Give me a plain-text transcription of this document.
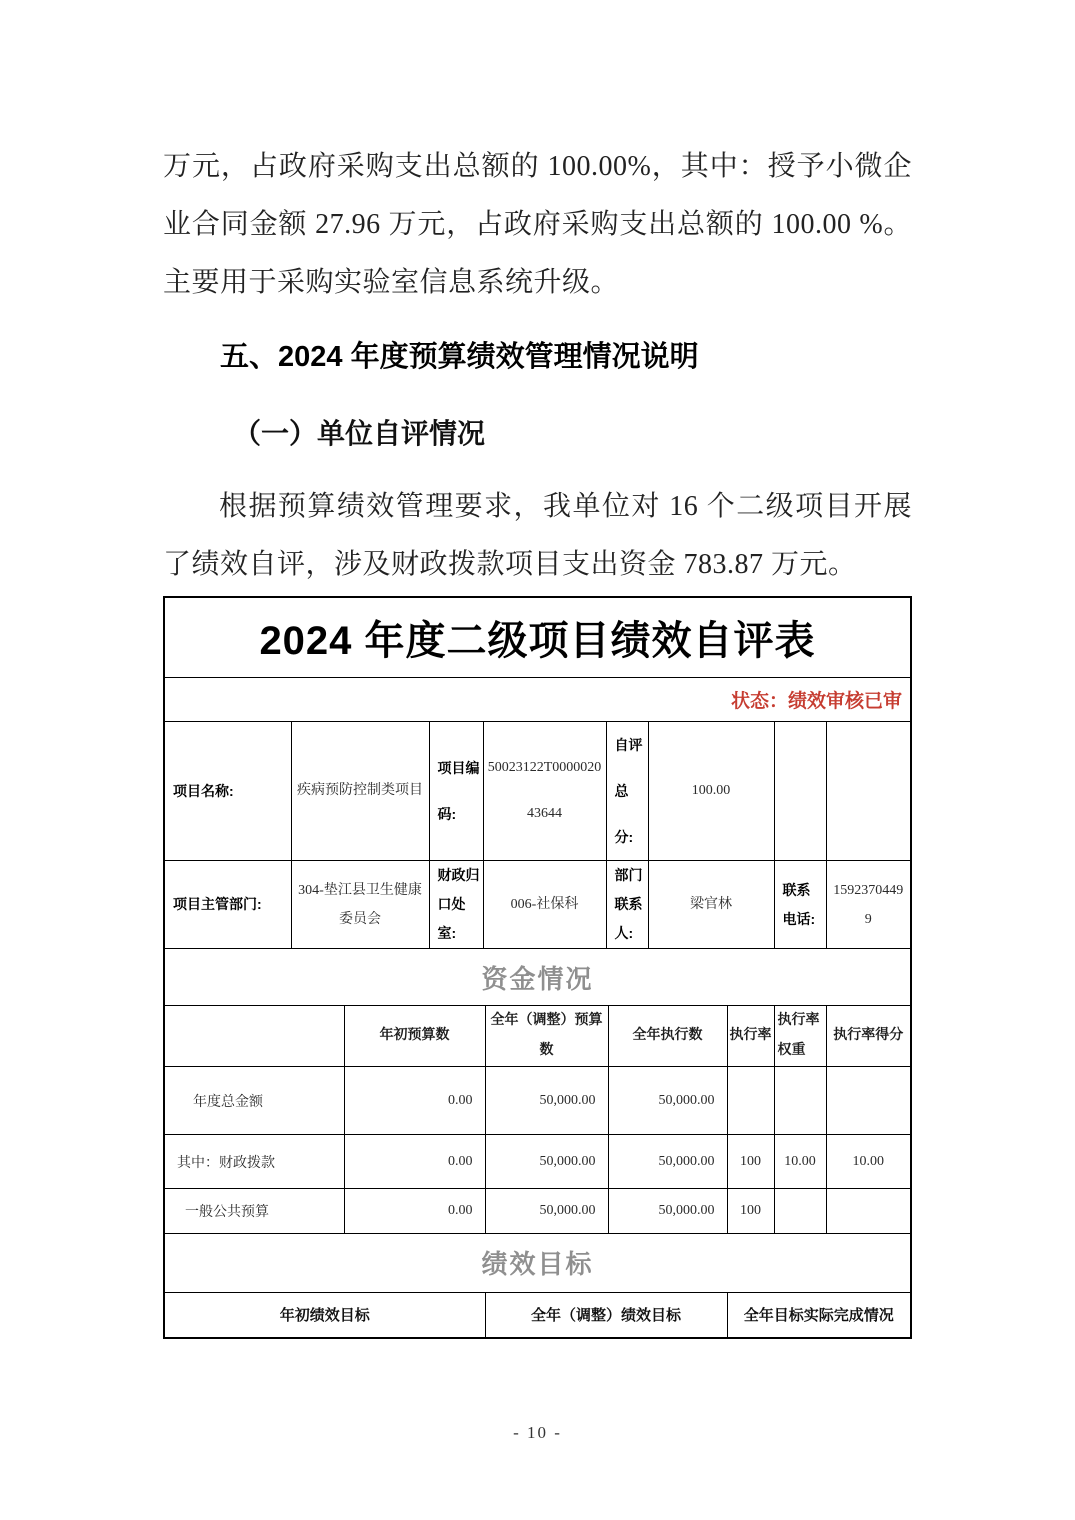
万元，占政府采购支出总额的 100.00%，其中：授予小微企
业合同金额 27.96 万元，占政府采购支出总额的 100.00 %。
主要用于采购实验室信息系统升级。
五、2024 年度预算绩效管理情况说明
（一）单位自评情况
根据预算绩效管理要求，我单位对 16 个二级项目开展
了绩效自评，涉及财政拨款项目支出资金 783.87 万元。
2024 年度二级项目绩效自评表
状态：绩效审核已审
项目名称:	疾病预防控制类项目	项目编码:	50023122T000002043644	自评总分:	100.00		
项目主管部门:	304-垫江县卫生健康委员会	财政归口处室:	006-社保科	部门联系人:	梁官林	联系电话:	15923704499
资金情况
	年初预算数	全年（调整）预算数	全年执行数	执行率	执行率权重	执行率得分
年度总金额	0.00	50,000.00	50,000.00			
其中：财政拨款	0.00	50,000.00	50,000.00	100	10.00	10.00
一般公共预算	0.00	50,000.00	50,000.00	100		
绩效目标
年初绩效目标	全年（调整）绩效目标	全年目标实际完成情况
- 10 -
